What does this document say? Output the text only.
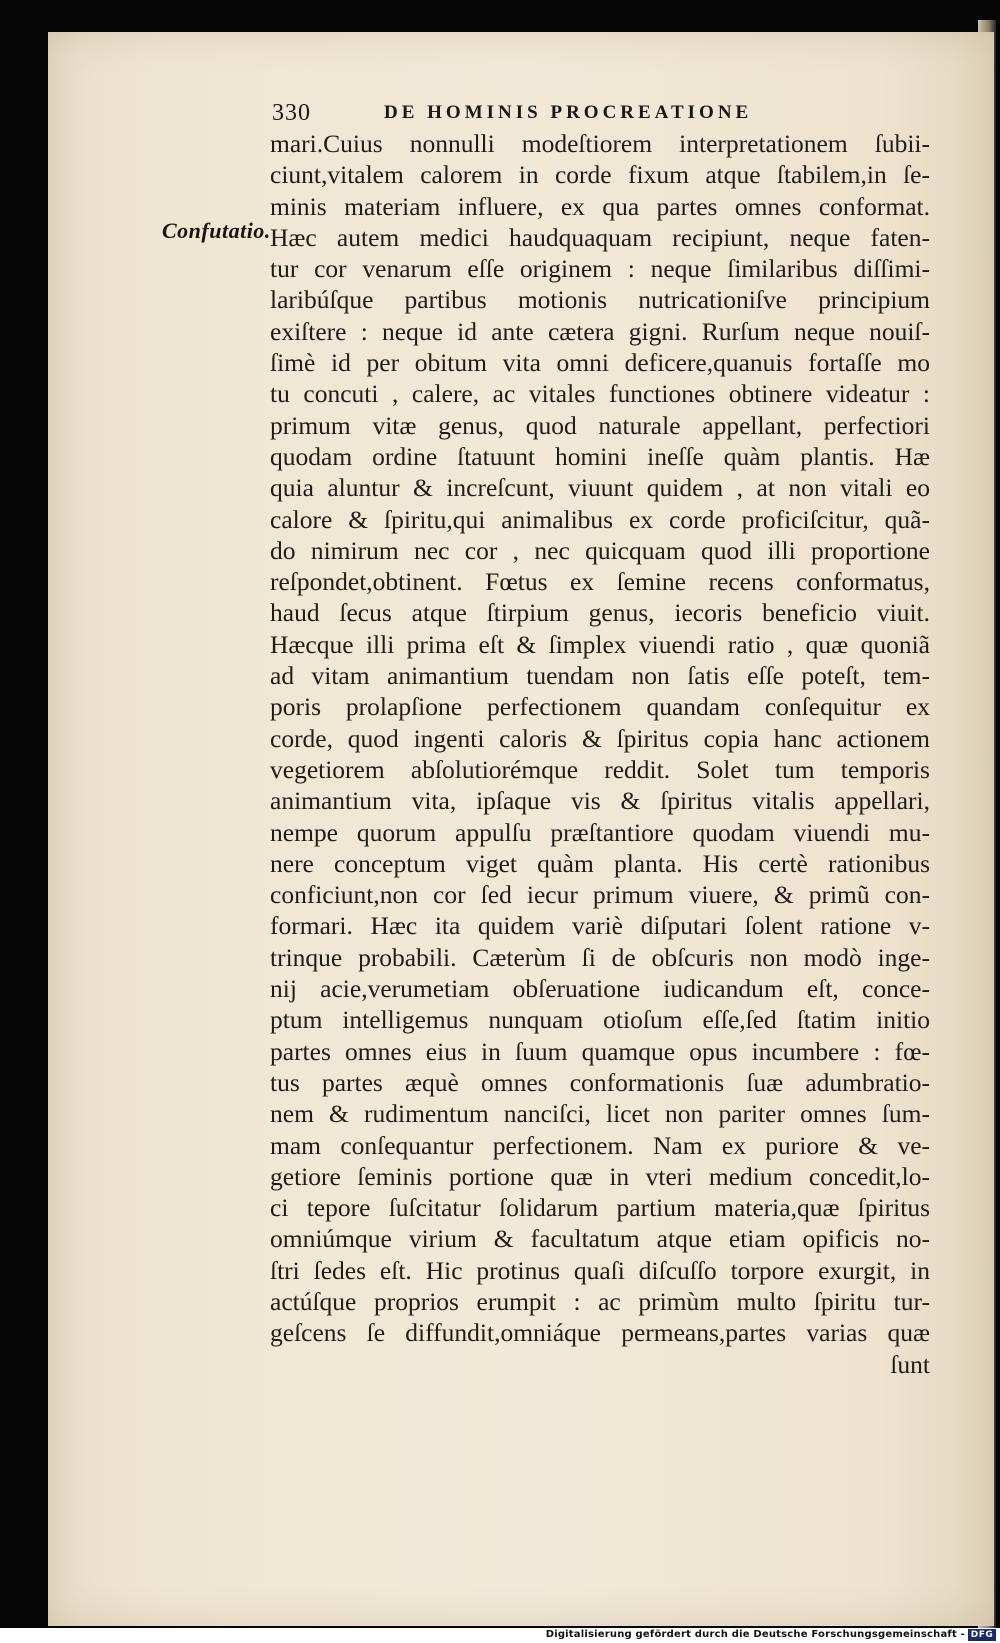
330	DE HOMINIS PROCREATIONE
Confutatio.
mari.Cuius nonnulli modeſtiorem interpretationem ſubii-
ciunt,vitalem calorem in corde fixum atque ſtabilem,in ſe-
minis materiam influere, ex qua partes omnes conformat.
Hæc autem medici haudquaquam recipiunt, neque faten-
tur cor venarum eſſe originem : neque ſimilaribus diſſimi-
laribúſque partibus motionis nutricationiſve principium
exiſtere : neque id ante cætera gigni. Rurſum neque nouiſ-
ſimè id per obitum vita omni deficere,quanuis fortaſſe mo
tu concuti , calere, ac vitales functiones obtinere videatur :
primum vitæ genus, quod naturale appellant, perfectiori
quodam ordine ſtatuunt homini ineſſe quàm plantis. Hæ
quia aluntur & increſcunt, viuunt quidem , at non vitali eo
calore & ſpiritu,qui animalibus ex corde proficiſcitur, quã-
do nimirum nec cor , nec quicquam quod illi proportione
reſpondet,obtinent. Fœtus ex ſemine recens conformatus,
haud ſecus atque ſtirpium genus, iecoris beneficio viuit.
Hæcque illi prima eſt & ſimplex viuendi ratio , quæ quoniã
ad vitam animantium tuendam non ſatis eſſe poteſt, tem-
poris prolapſione perfectionem quandam conſequitur ex
corde, quod ingenti caloris & ſpiritus copia hanc actionem
vegetiorem abſolutiorémque reddit. Solet tum temporis
animantium vita, ipſaque vis & ſpiritus vitalis appellari,
nempe quorum appulſu præſtantiore quodam viuendi mu-
nere conceptum viget quàm planta. His certè rationibus
conficiunt,non cor ſed iecur primum viuere, & primũ con-
formari. Hæc ita quidem variè diſputari ſolent ratione v-
trinque probabili. Cæterùm ſi de obſcuris non modò inge-
nij acie,verumetiam obſeruatione iudicandum eſt, conce-
ptum intelligemus nunquam otioſum eſſe,ſed ſtatim initio
partes omnes eius in ſuum quamque opus incumbere : fœ-
tus partes æquè omnes conformationis ſuæ adumbratio-
nem & rudimentum nanciſci, licet non pariter omnes ſum-
mam conſequantur perfectionem. Nam ex puriore & ve-
getiore ſeminis portione quæ in vteri medium concedit,lo-
ci tepore ſuſcitatur ſolidarum partium materia,quæ ſpiritus
omniúmque virium & facultatum atque etiam opificis no-
ſtri ſedes eſt. Hic protinus quaſi diſcuſſo torpore exurgit, in
actúſque proprios erumpit : ac primùm multo ſpiritu tur-
geſcens ſe diffundit,omniáque permeans,partes varias quæ
ſunt
Digitalisierung gefördert durch die Deutsche Forschungsgemeinschaft - DFG
